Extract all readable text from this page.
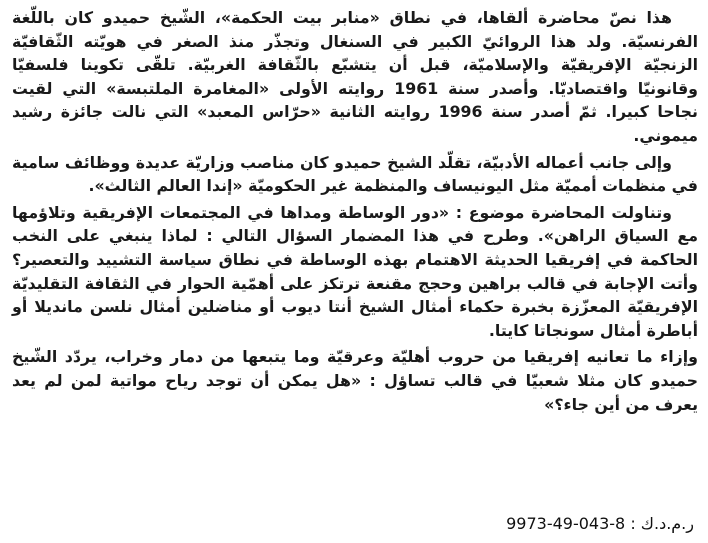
هذا نصّ محاضرة ألقاها، في نطاق «منابر بيت الحكمة»، الشّيخ حميدو كان باللّغة الفرنسيّة. ولد هذا الروائيّ الكبير في السنغال وتجذّر منذ الصغر في هويّته الثّقافيّة الزنجيّة الإفريقيّة والإسلاميّة، قبل أن يتشبّع بالثّقافة الغربيّة. تلقّى تكوينا فلسفيّا وقانونيّا واقتصاديّا. وأصدر سنة 1961 روايته الأولى «المغامرة الملتبسة» التي لقيت نجاحا كبيرا. ثمّ أصدر سنة 1996 روايته الثانية «حرّاس المعبد» التي نالت جائزة رشيد ميموني.

وإلى جانب أعماله الأدبيّة، تقلّد الشيخ حميدو كان مناصب وزاريّة عديدة ووظائف سامية في منظمات أمميّة مثل اليونيساف والمنظمة غير الحكوميّة «إندا العالم الثالث».

وتناولت المحاضرة موضوع : «دور الوساطة ومداها في المجتمعات الإفريقية وتلاؤمها مع السياق الراهن». وطرح في هذا المضمار السؤال التالي : لماذا ينبغي على النخب الحاكمة في إفريقيا الحديثة الاهتمام بهذه الوساطة في نطاق سياسة التشييد والتعصير؟ وأتت الإجابة في قالب براهين وحجج مقنعة ترتكز على أهمّية الحوار في الثقافة التقليديّة الإفريقيّة المعزّزة بخبرة حكماء أمثال الشيخ أنتا ديوب أو مناضلين أمثال نلسن مانديلا أو أباطرة أمثال سونجاتا كايتا.

وإزاء ما تعانيه إفريقيا من حروب أهليّة وعرقيّة وما يتبعها من دمار وخراب، يردّد الشّيخ حميدو كان مثلا شعبيّا في قالب تساؤل : «هل يمكن أن توجد رياح مواتية لمن لم يعد يعرف من أين جاء؟»

ر.م.د.ك : 9973-49-043-8
